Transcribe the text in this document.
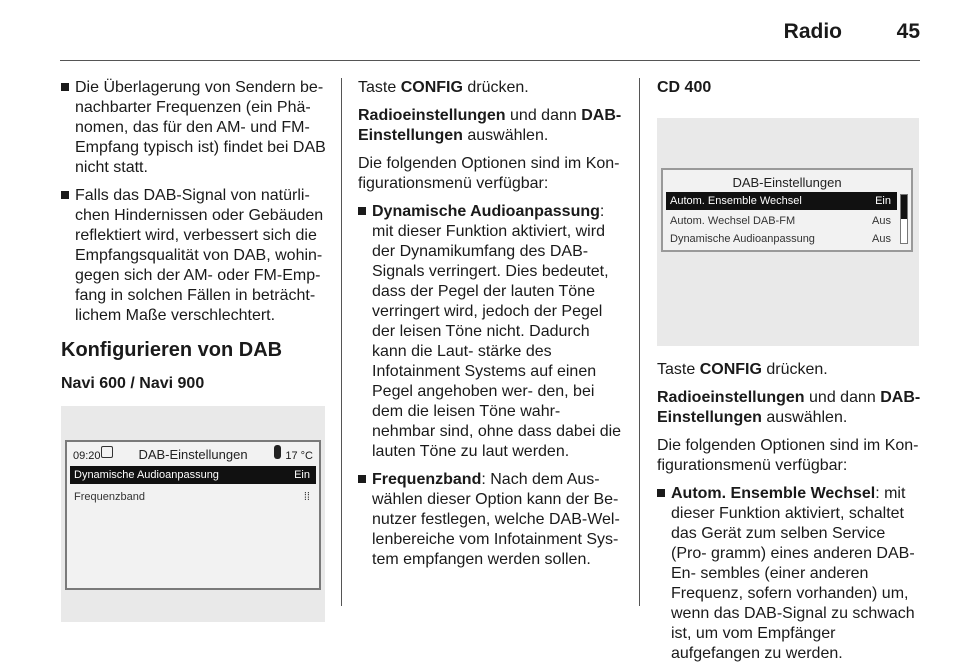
Radio	45
Die Überlagerung von Sendern be- nachbarter Frequenzen (ein Phä- nomen, das für den AM- und FM- Empfang typisch ist) findet bei DAB nicht statt.
Falls das DAB-Signal von natürli- chen Hindernissen oder Gebäuden reflektiert wird, verbessert sich die Empfangsqualität von DAB, wohin- gegen sich der AM- oder FM-Emp- fang in solchen Fällen in beträcht- lichem Maße verschlechtert.
Konfigurieren von DAB
Navi 600 / Navi 900
09:20	DAB-Einstellungen	17 °C
Dynamische Audioanpassung	Ein
Frequenzband	⁞⁞

Taste CONFIG drücken.

Radioeinstellungen und dann DAB- Einstellungen auswählen.

Die folgenden Optionen sind im Kon- figurationsmenü verfügbar:

Dynamische Audioanpassung: mit dieser Funktion aktiviert, wird der Dynamikumfang des DAB-Signals verringert. Dies bedeutet, dass der Pegel der lauten Töne verringert wird, jedoch der Pegel der leisen Töne nicht. Dadurch kann die Laut- stärke des Infotainment Systems auf einen Pegel angehoben wer- den, bei dem die leisen Töne wahr- nehmbar sind, ohne dass dabei die lauten Töne zu laut werden.
Frequenzband: Nach dem Aus- wählen dieser Option kann der Be- nutzer festlegen, welche DAB-Wel- lenbereiche vom Infotainment Sys- tem empfangen werden sollen.
CD 400
DAB-Einstellungen
Autom. Ensemble Wechsel	Ein
Autom. Wechsel DAB-FM	Aus
Dynamische Audioanpassung	Aus

Taste CONFIG drücken.

Radioeinstellungen und dann DAB- Einstellungen auswählen.

Die folgenden Optionen sind im Kon- figurationsmenü verfügbar:

Autom. Ensemble Wechsel: mit dieser Funktion aktiviert, schaltet das Gerät zum selben Service (Pro- gramm) eines anderen DAB-En- sembles (einer anderen Frequenz, sofern vorhanden) um, wenn das DAB-Signal zu schwach ist, um vom Empfänger aufgefangen zu werden.
